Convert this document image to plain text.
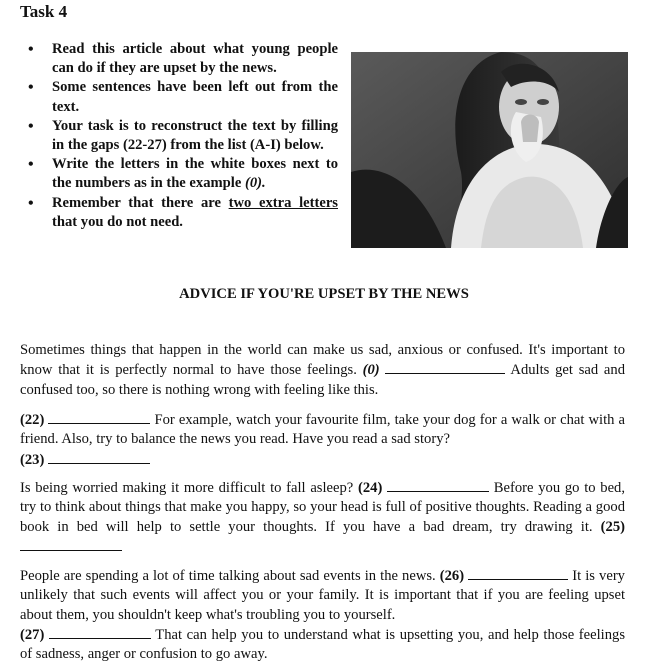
Task 4
• Read this article about what young people can do if they are upset by the news.
• Some sentences have been left out from the text.
• Your task is to reconstruct the text by filling in the gaps (22-27) from the list (A-I) below.
• Write the letters in the white boxes next to the numbers as in the example (0).
• Remember that there are two extra letters that you do not need.
ADVICE IF YOU'RE UPSET BY THE NEWS

Sometimes things that happen in the world can make us sad, anxious or confused. It's important to know that it is perfectly normal to have those feelings. (0)	Adults get sad and confused too, so there is nothing wrong with feeling like this.

(22)	For example, watch your favourite film, take your dog for a walk or chat with a friend. Also, try to balance the news you read. Have you read a sad story?
(23)

Is being worried making it more difficult to fall asleep? (24)	Before you go to bed, try to think about things that make you happy, so your head is full of positive thoughts. Reading a good book in bed will help to settle your thoughts. If you have a bad dream, try drawing it. (25)

People are spending a lot of time talking about sad events in the news. (26)	It is very unlikely that such events will affect you or your family. It is important that if you are feeling upset about them, you shouldn't keep what's troubling you to yourself.
(27)	That can help you to understand what is upsetting you, and help those feelings of sadness, anger or confusion to go away.
